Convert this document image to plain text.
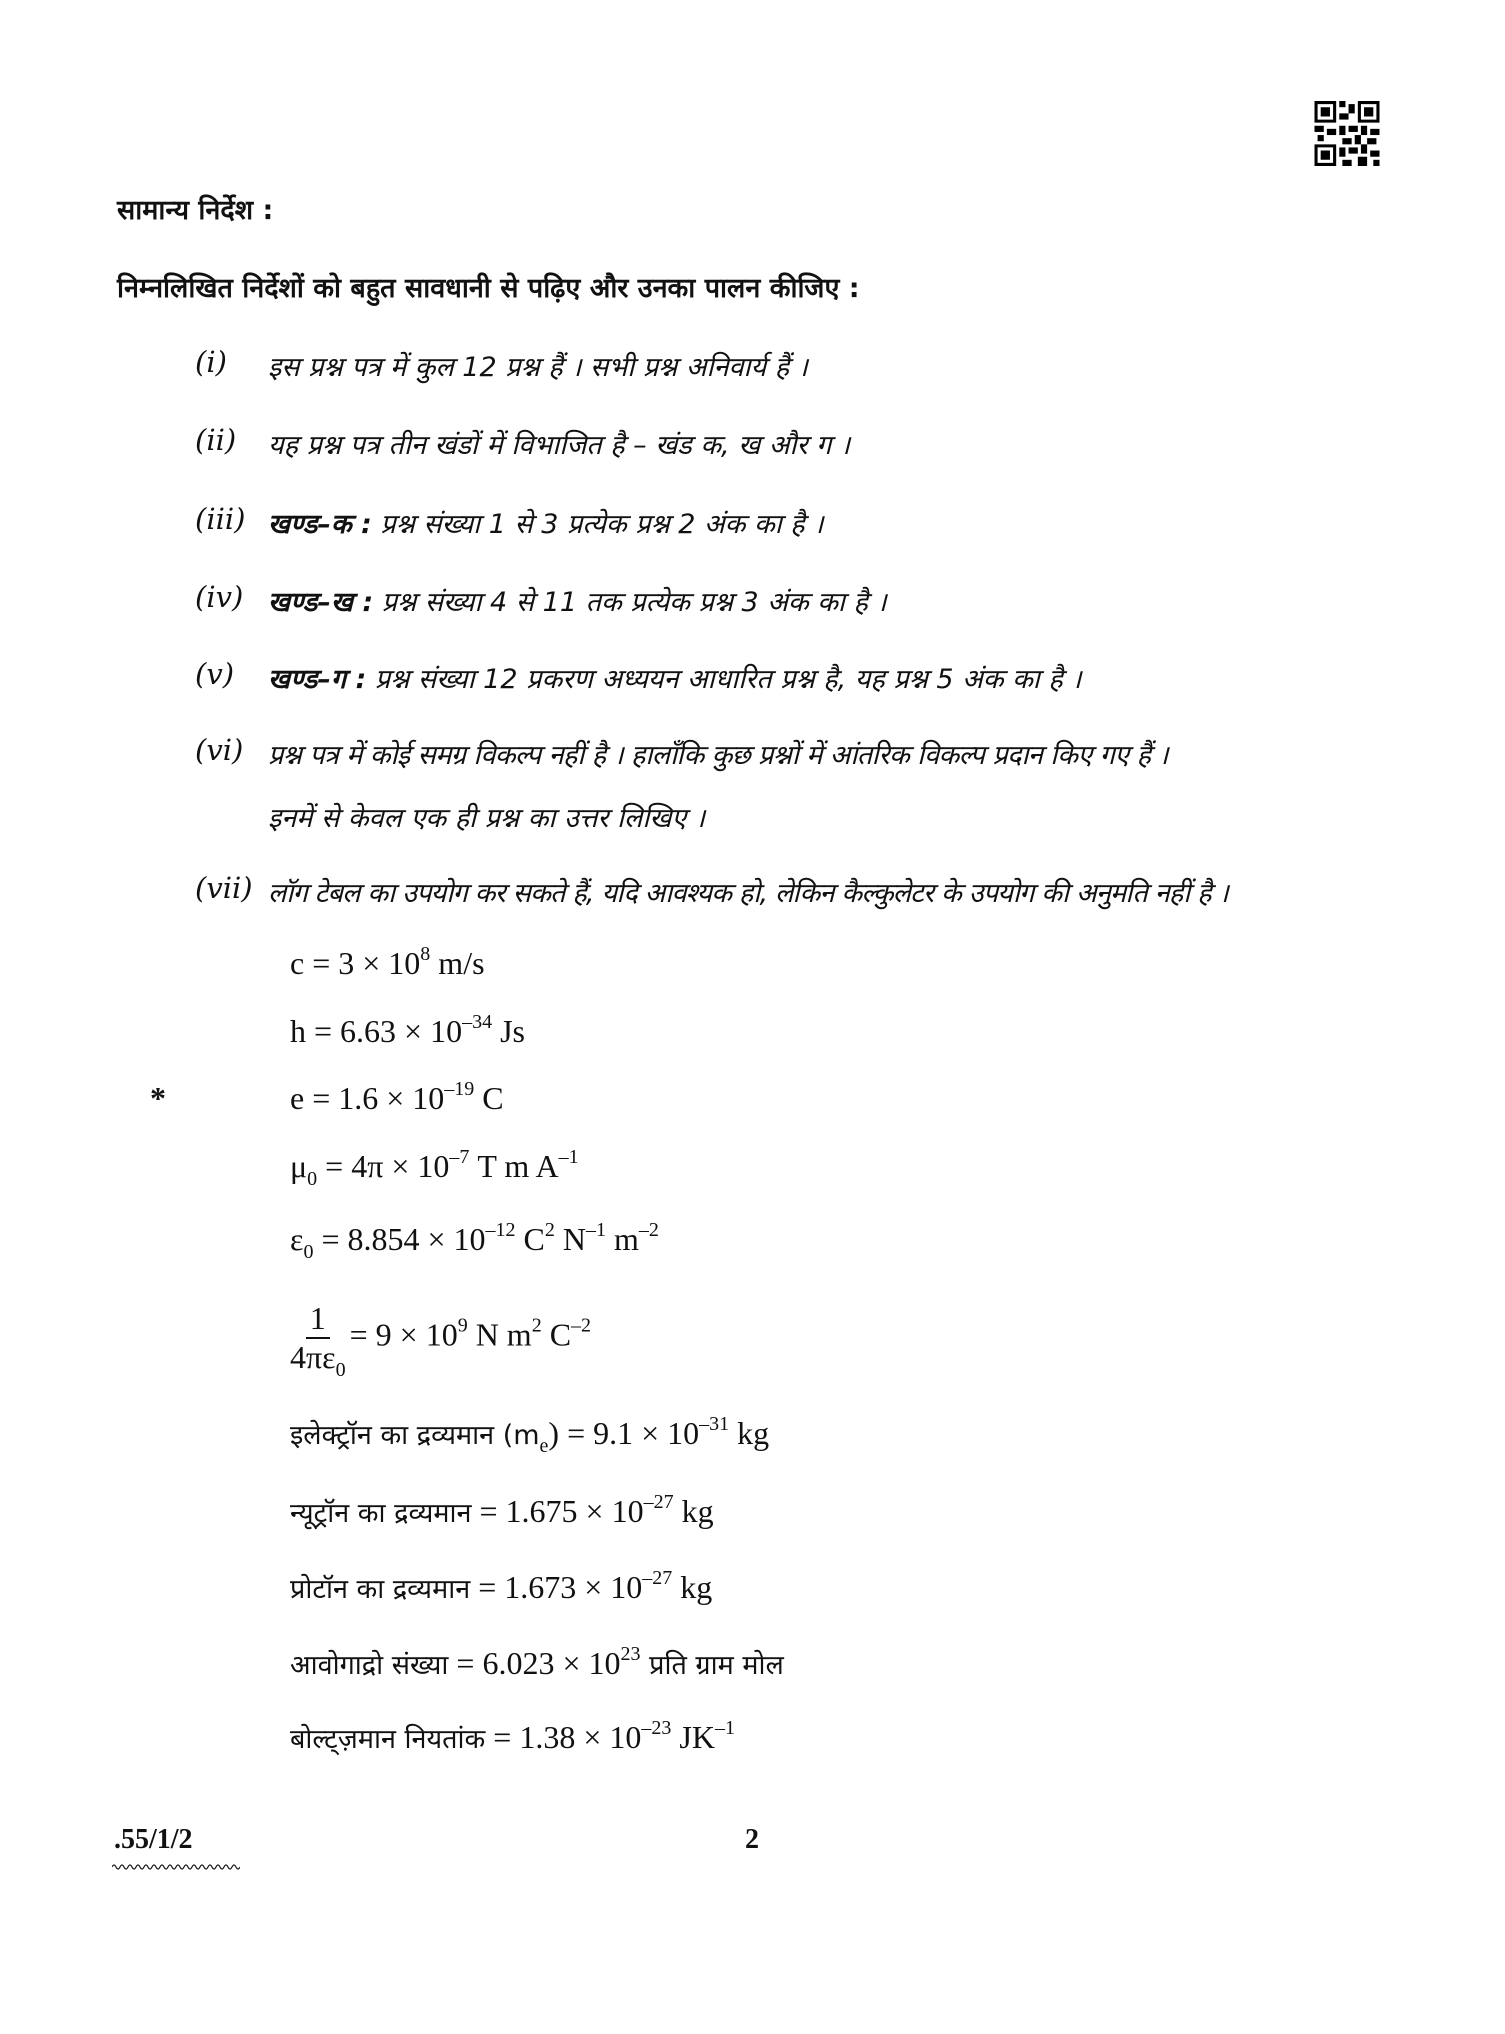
सामान्य निर्देश :
निम्नलिखित निर्देशों को बहुत सावधानी से पढ़िए और उनका पालन कीजिए :
(i) इस प्रश्न पत्र में कुल 12 प्रश्न हैं । सभी प्रश्न अनिवार्य हैं ।
(ii) यह प्रश्न पत्र तीन खंडों में विभाजित है – खंड क, ख और ग ।
(iii) खण्ड–क : प्रश्न संख्या 1 से 3 प्रत्येक प्रश्न 2 अंक का है ।
(iv) खण्ड–ख : प्रश्न संख्या 4 से 11 तक प्रत्येक प्रश्न 3 अंक का है ।
(v) खण्ड–ग : प्रश्न संख्या 12 प्रकरण अध्ययन आधारित प्रश्न है, यह प्रश्न 5 अंक का है ।
(vi) प्रश्न पत्र में कोई समग्र विकल्प नहीं है । हालाँकि कुछ प्रश्नों में आंतरिक विकल्प प्रदान किए गए हैं ।
इनमें से केवल एक ही प्रश्न का उत्तर लिखिए ।
(vii) लॉग टेबल का उपयोग कर सकते हैं, यदि आवश्यक हो, लेकिन कैल्कुलेटर के उपयोग की अनुमति नहीं है ।
*
$c = 3 \times 10^8$ m/s
$h = 6.63 \times 10^{-34}$ Js
$e = 1.6 \times 10^{-19}$ C
$\mu_0 = 4\pi \times 10^{-7}$ T m $A^{-1}$
$\varepsilon_0 = 8.854 \times 10^{-12}$ $C^2$ $N^{-1}$ $m^{-2}$
$\frac{1}{4\pi\varepsilon_0} = 9 \times 10^9$ N $m^2$ $C^{-2}$
इलेक्ट्रॉन का द्रव्यमान $(m_e) = 9.1 \times 10^{-31}$ kg
न्यूट्रॉन का द्रव्यमान = $1.675 \times 10^{-27}$ kg
प्रोटॉन का द्रव्यमान = $1.673 \times 10^{-27}$ kg
आवोगाद्रो संख्या = $6.023 \times 10^{23}$ प्रति ग्राम मोल
बोल्ट्ज़मान नियतांक = $1.38 \times 10^{-23}$ $JK^{-1}$
.55/1/2	2
